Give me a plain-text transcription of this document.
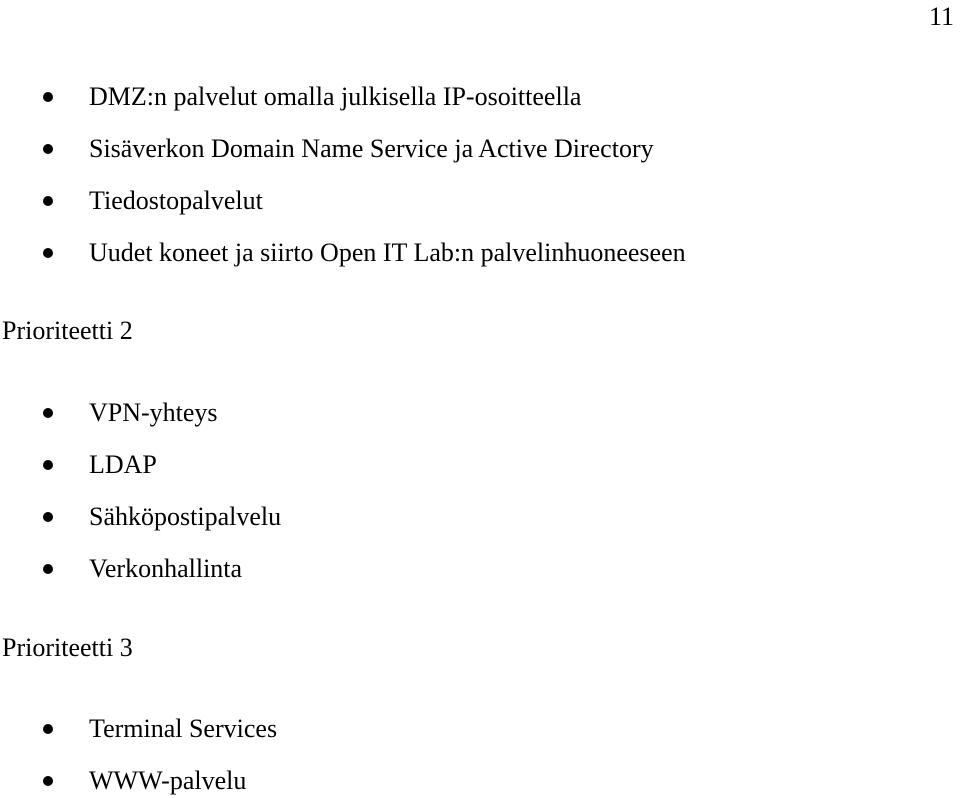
11
DMZ:n palvelut omalla julkisella IP-osoitteella
Sisäverkon Domain Name Service ja Active Directory
Tiedostopalvelut
Uudet koneet ja siirto Open IT Lab:n palvelinhuoneeseen
Prioriteetti 2
VPN-yhteys
LDAP
Sähköpostipalvelu
Verkonhallinta
Prioriteetti 3
Terminal Services
WWW-palvelu
